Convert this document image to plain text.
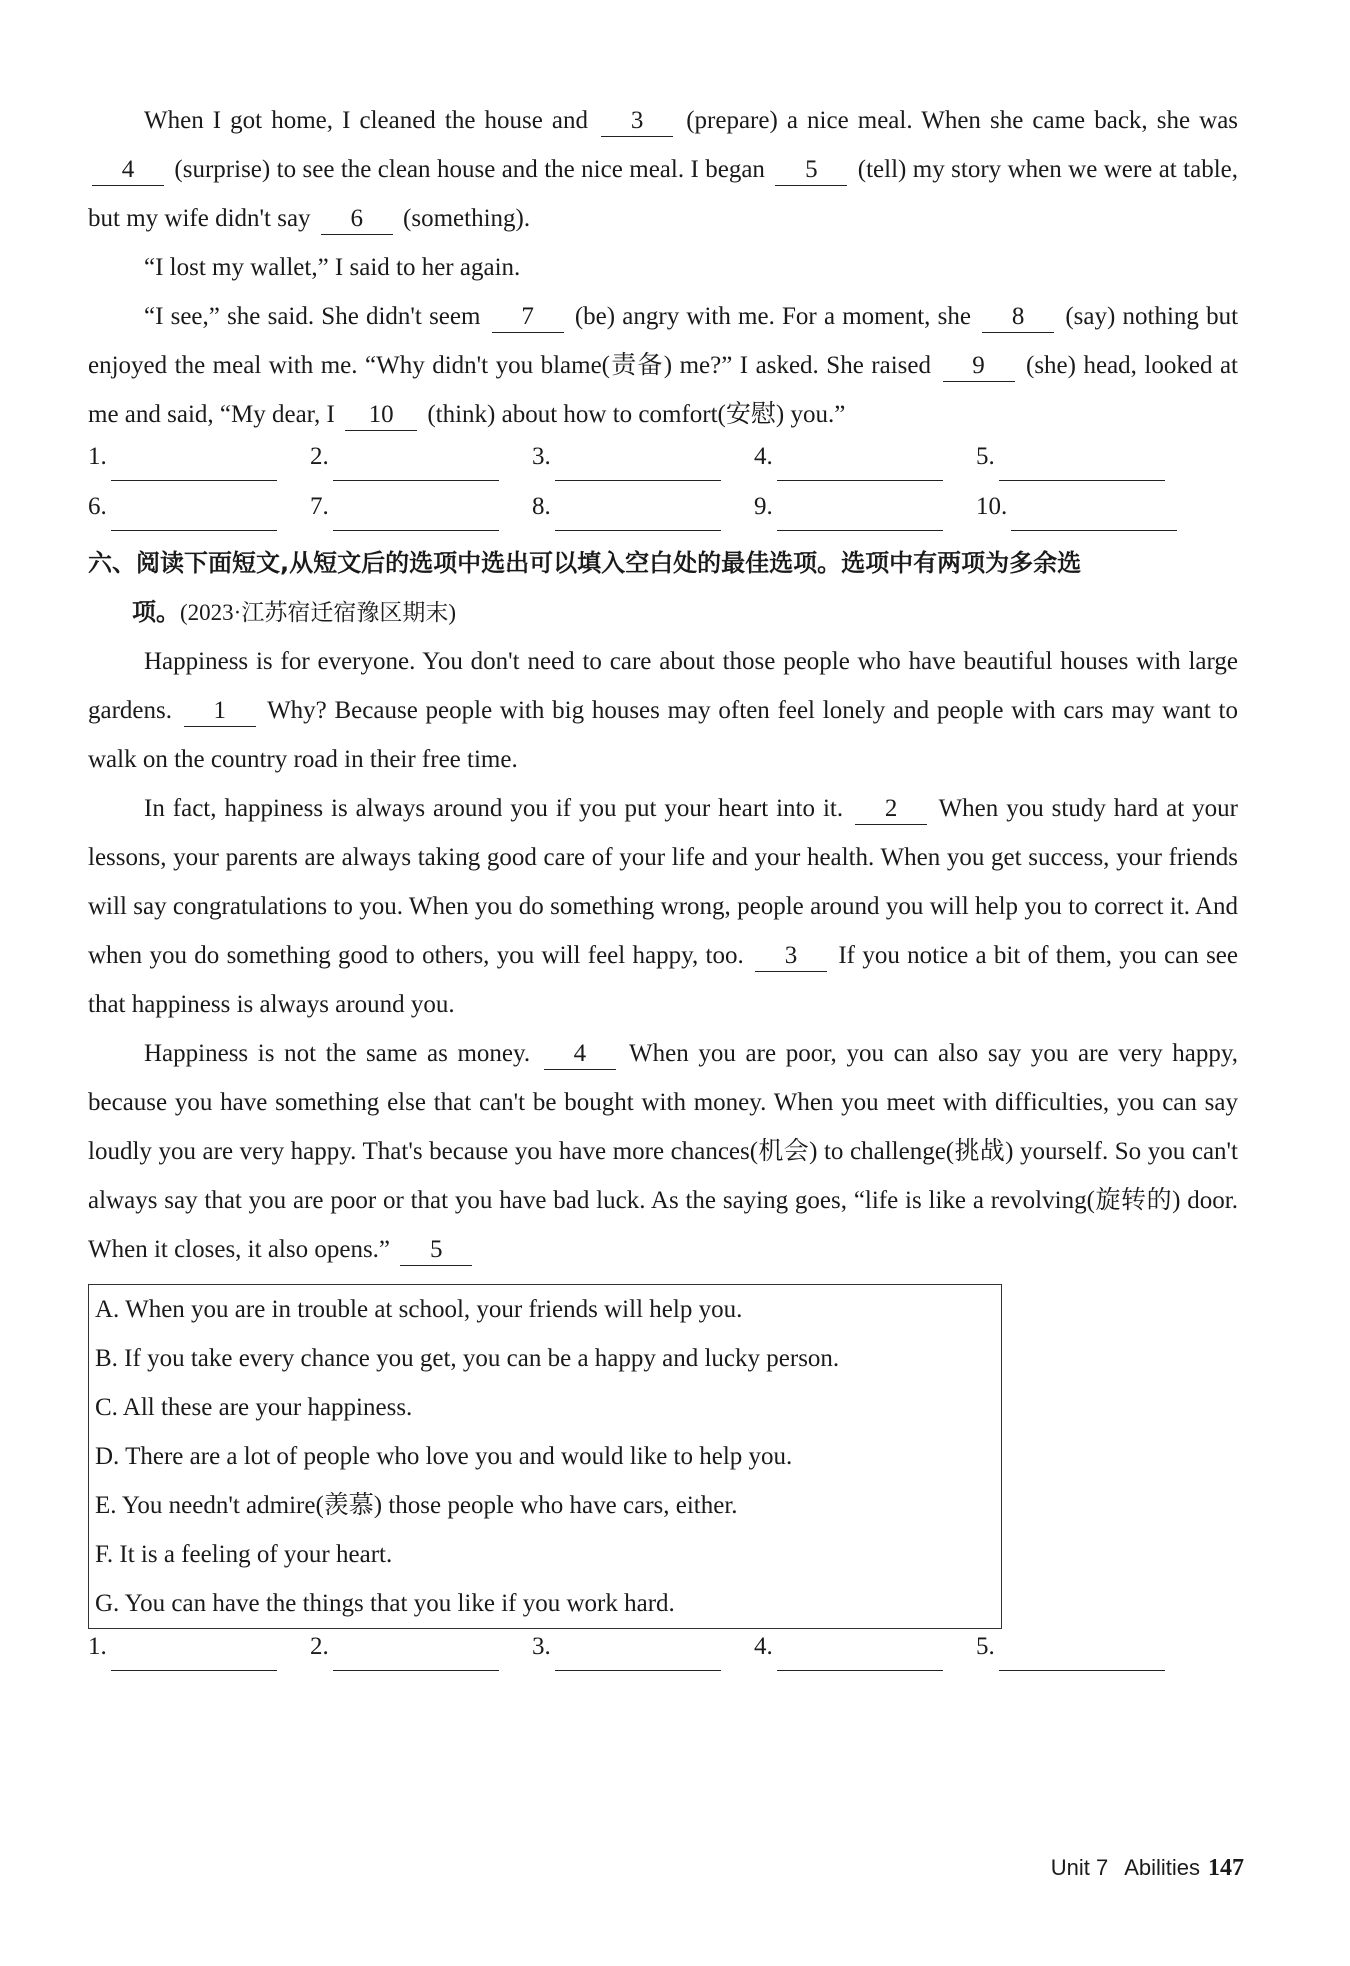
When I got home, I cleaned the house and 3 (prepare) a nice meal. When she came back, she was 4 (surprise) to see the clean house and the nice meal. I began 5 (tell) my story when we were at table, but my wife didn't say 6 (something).

“I lost my wallet,” I said to her again.

“I see,” she said. She didn't seem 7 (be) angry with me. For a moment, she 8 (say) nothing but enjoyed the meal with me. “Why didn't you blame(责备) me?” I asked. She raised 9 (she) head, looked at me and said, “My dear, I 10 (think) about how to comfort(安慰) you.”

1.	2.	3.	4.	5.
6.	7.	8.	9.	10.
六、阅读下面短文,从短文后的选项中选出可以填入空白处的最佳选项。选项中有两项为多余选
项。(2023·江苏宿迁宿豫区期末)

Happiness is for everyone. You don't need to care about those people who have beautiful houses with large gardens. 1 Why? Because people with big houses may often feel lonely and people with cars may want to walk on the country road in their free time.

In fact, happiness is always around you if you put your heart into it. 2 When you study hard at your lessons, your parents are always taking good care of your life and your health. When you get success, your friends will say congratulations to you. When you do something wrong, people around you will help you to correct it. And when you do something good to others, you will feel happy, too. 3 If you notice a bit of them, you can see that happiness is always around you.

Happiness is not the same as money. 4 When you are poor, you can also say you are very happy, because you have something else that can't be bought with money. When you meet with difficulties, you can say loudly you are very happy. That's because you have more chances(机会) to challenge(挑战) yourself. So you can't always say that you are poor or that you have bad luck. As the saying goes, “life is like a revolving(旋转的) door. When it closes, it also opens.” 5

A. When you are in trouble at school, your friends will help you.
B. If you take every chance you get, you can be a happy and lucky person.
C. All these are your happiness.
D. There are a lot of people who love you and would like to help you.
E. You needn't admire(羡慕) those people who have cars, either.
F. It is a feeling of your heart.
G. You can have the things that you like if you work hard.
1.	2.	3.	4.	5.
Unit 7 Abilities 147
